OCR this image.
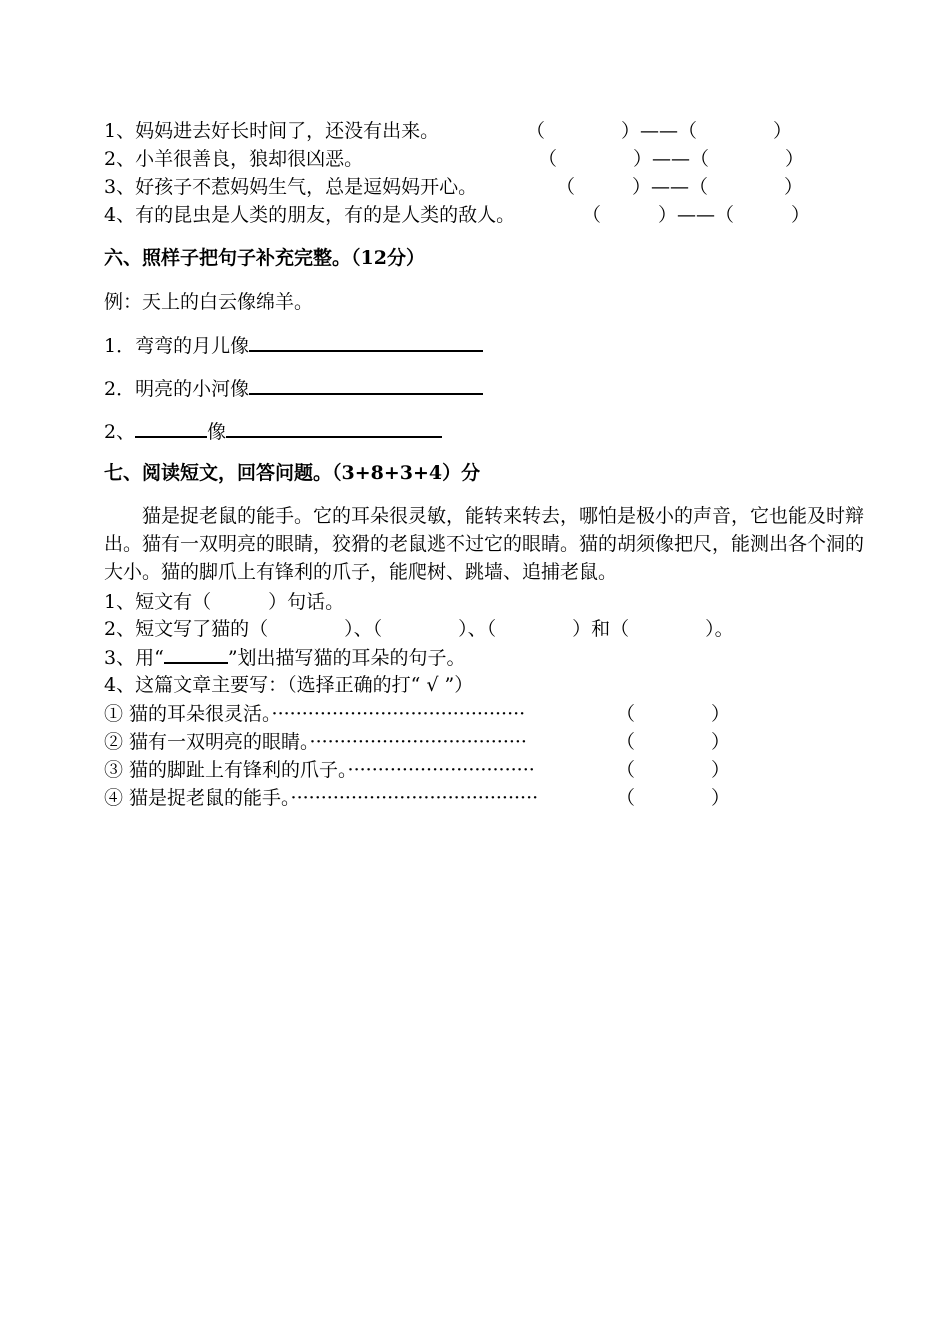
1、妈妈进去好长时间了，还没有出来。	（　　　　）——（　　　　）
2、小羊很善良，狼却很凶恶。	（　　　　）——（　　　　）
3、好孩子不惹妈妈生气，总是逗妈妈开心。	（　　　）——（　　　　）
4、有的昆虫是人类的朋友，有的是人类的敌人。	（　　　）——（　　　）
六、照样子把句子补充完整。（12分）
例：天上的白云像绵羊。
1．弯弯的月儿像
2．明亮的小河像
2、	像
七、阅读短文，回答问题。（3+8+3+4）分
猫是捉老鼠的能手。它的耳朵很灵敏，能转来转去，哪怕是极小的声音，它也能及时辩出。猫有一双明亮的眼睛，狡猾的老鼠逃不过它的眼睛。猫的胡须像把尺，能测出各个洞的大小。猫的脚爪上有锋利的爪子，能爬树、跳墙、追捕老鼠。
1、短文有（　　　）句话。
2、短文写了猫的（　　　　）、（　　　　）、（　　　　）和（　　　　）。
3、用“	”划出描写猫的耳朵的句子。
4、这篇文章主要写：（选择正确的打“ √ ”）
① 猫的耳朵很灵活。··········································	（　　　　）
② 猫有一双明亮的眼睛。····································	（　　　　）
③ 猫的脚趾上有锋利的爪子。·······························	（　　　　）
④ 猫是捉老鼠的能手。·········································	（　　　　）
